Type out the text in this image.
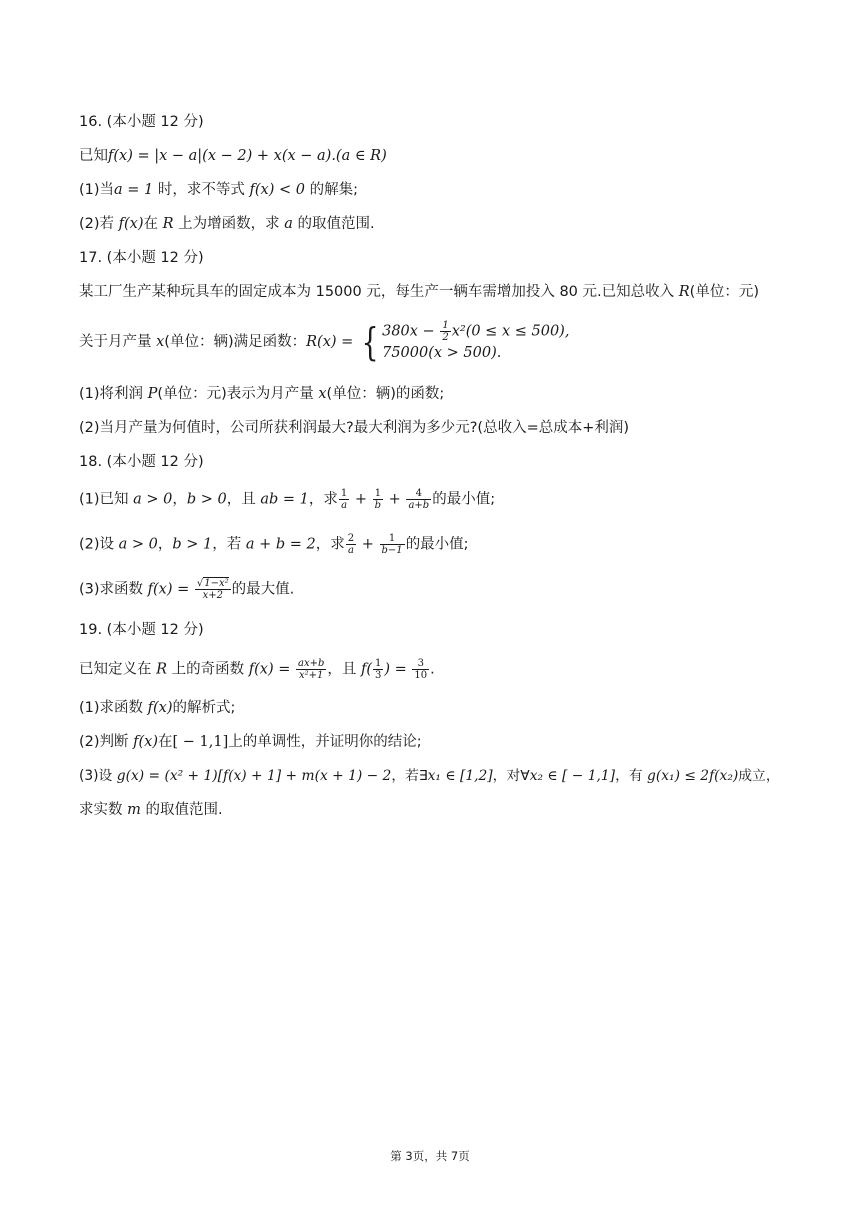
16. (本小题 12 分)
已知f(x) = |x − a|(x − 2) + x(x − a).(a ∈ R)
(1)当a = 1 时，求不等式 f(x) < 0 的解集;
(2)若 f(x)在 R 上为增函数，求 a 的取值范围.
17. (本小题 12 分)
某工厂生产某种玩具车的固定成本为 15000 元，每生产一辆车需增加投入 80 元.已知总收入 R(单位：元)
关于月产量 x(单位：辆)满足函数：R(x) = { $380x - \frac{1}{2} x^2(0 \le x \le 500)$,
75000(x > 500).
(1)将利润 P(单位：元)表示为月产量 x(单位：辆)的函数;
(2)当月产量为何值时，公司所获利润最大?最大利润为多少元?(总收入=总成本+利润)
18. (本小题 12 分)
(1)已知 a > 0，b > 0，且 ab = 1，求 $\frac{1}{a} + \frac{1}{b} + \frac{4}{a+b}$ 的最小值;
(2)设 a > 0，b > 1，若 a + b = 2，求 $\frac{2}{a} + \frac{1}{b-1}$ 的最小值;
(3)求函数 $f(x) = \frac{\text{√1−x²}}{x+2}$ 的最大值.
19. (本小题 12 分)
已知定义在 R 上的奇函数 $f(x) = \frac{ax+b}{\text{x²+1}}$ ，且 $f( \frac{1}{3}$ ) = $\frac{3}{10}$ .
(1)求函数 f(x)的解析式;
(2)判断 f(x)在[ − 1,1]上的单调性，并证明你的结论;
(3)设 g(x) = (x² + 1)[f(x) + 1] + m(x + 1) − 2，若∃x₁ ∈ [1,2]，对∀x₂ ∈ [ − 1,1]，有 g(x₁) ≤ 2f(x₂)成立，
求实数 m 的取值范围.
第 3页，共 7页
